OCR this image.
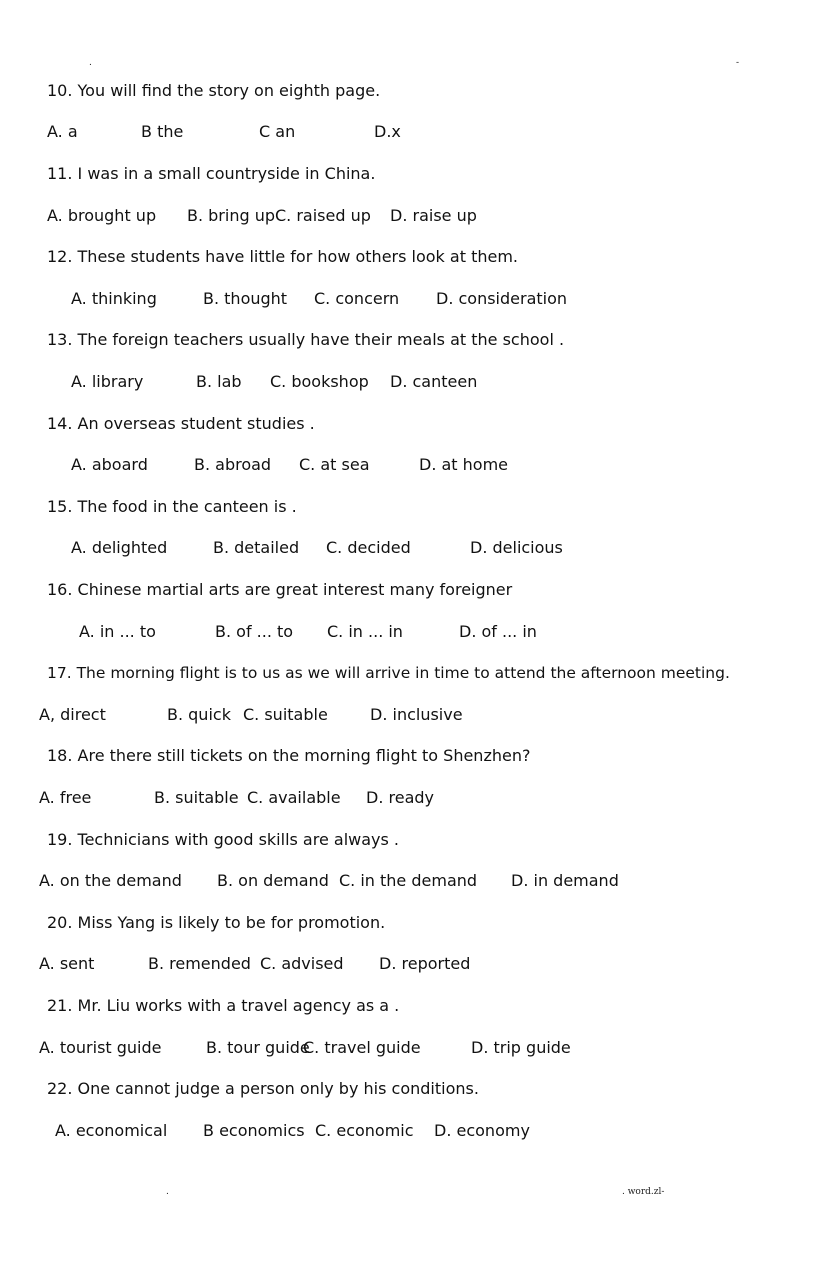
.	-
10. You will find the story on eighth page.
A. a	B the	C an	D.x
11. I was in a small countryside in China.
A. brought up B. bring up C. raised up D. raise up
12. These students have little for how others look at them.
A. thinking	B. thought C. concern D. consideration
13. The foreign teachers usually have their meals at the school .
A. library	B. lab C. bookshop D. canteen
14. An overseas student studies .
A. aboard	B. abroad C. at sea	D. at home
15. The food in the canteen is .
A. delighted	B. detailed C. decided	D. delicious
16. Chinese martial arts are great interest many foreigner
A. in ... to	B. of ... to C. in ... in	D. of ... in
17. The morning flight is to us as we will arrive in time to attend the afternoon meeting.
A, direct	B. quick C. suitable	D. inclusive
18. Are there still tickets on the morning flight to Shenzhen?
A. free	B. suitable C. available D. ready
19. Technicians with good skills are always .
A. on the demand B. on demand C. in the demand D. in demand
20. Miss Yang is likely to be for promotion.
A. sent	B. remended C. advised D. reported
21. Mr. Liu works with a travel agency as a .
A. tourist guide	B. tour guide
C. travel guide	D. trip guide
22. One cannot judge a person only by his conditions.
A. economical B economics C. economic D. economy
.	. word.zl-
